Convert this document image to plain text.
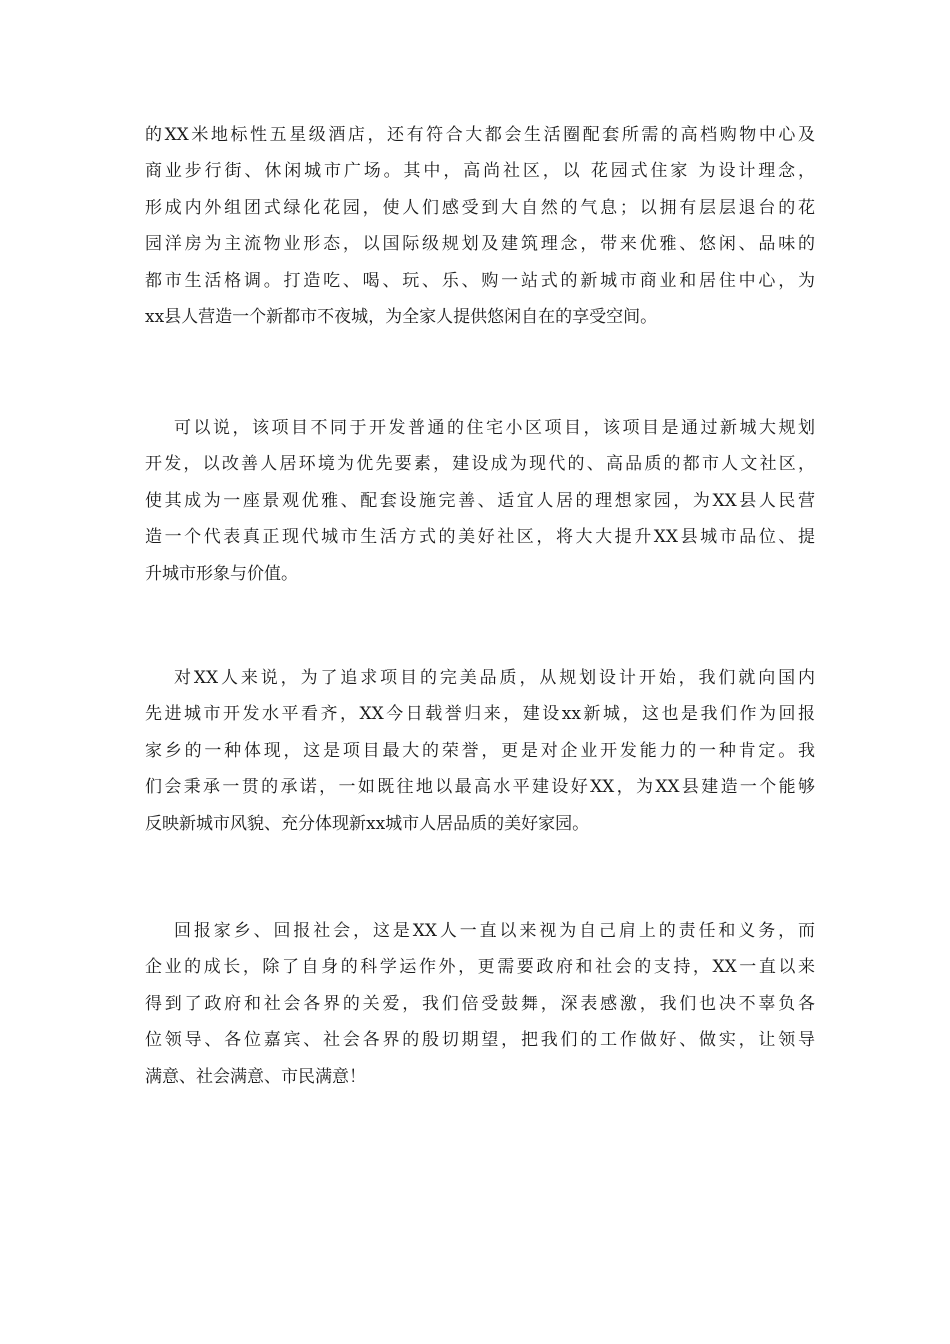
的XX米地标性五星级酒店，还有符合大都会生活圈配套所需的高档购物中心及
商业步行街、休闲城市广场。其中，高尚社区，以 花园式住家 为设计理念，
形成内外组团式绿化花园，使人们感受到大自然的气息；以拥有层层退台的花
园洋房为主流物业形态，以国际级规划及建筑理念，带来优雅、悠闲、品味的
都市生活格调。打造吃、喝、玩、乐、购一站式的新城市商业和居住中心，为
xx县人营造一个新都市不夜城，为全家人提供悠闲自在的享受空间。

可以说，该项目不同于开发普通的住宅小区项目，该项目是通过新城大规划
开发，以改善人居环境为优先要素，建设成为现代的、高品质的都市人文社区，
使其成为一座景观优雅、配套设施完善、适宜人居的理想家园，为XX县人民营
造一个代表真正现代城市生活方式的美好社区，将大大提升XX县城市品位、提
升城市形象与价值。

对XX人来说，为了追求项目的完美品质，从规划设计开始，我们就向国内
先进城市开发水平看齐，XX今日载誉归来，建设xx新城，这也是我们作为回报
家乡的一种体现，这是项目最大的荣誉，更是对企业开发能力的一种肯定。我
们会秉承一贯的承诺，一如既往地以最高水平建设好XX，为XX县建造一个能够
反映新城市风貌、充分体现新xx城市人居品质的美好家园。

回报家乡、回报社会，这是XX人一直以来视为自己肩上的责任和义务，而
企业的成长，除了自身的科学运作外，更需要政府和社会的支持，XX一直以来
得到了政府和社会各界的关爱，我们倍受鼓舞，深表感激，我们也决不辜负各
位领导、各位嘉宾、社会各界的殷切期望，把我们的工作做好、做实，让领导
满意、社会满意、市民满意！
